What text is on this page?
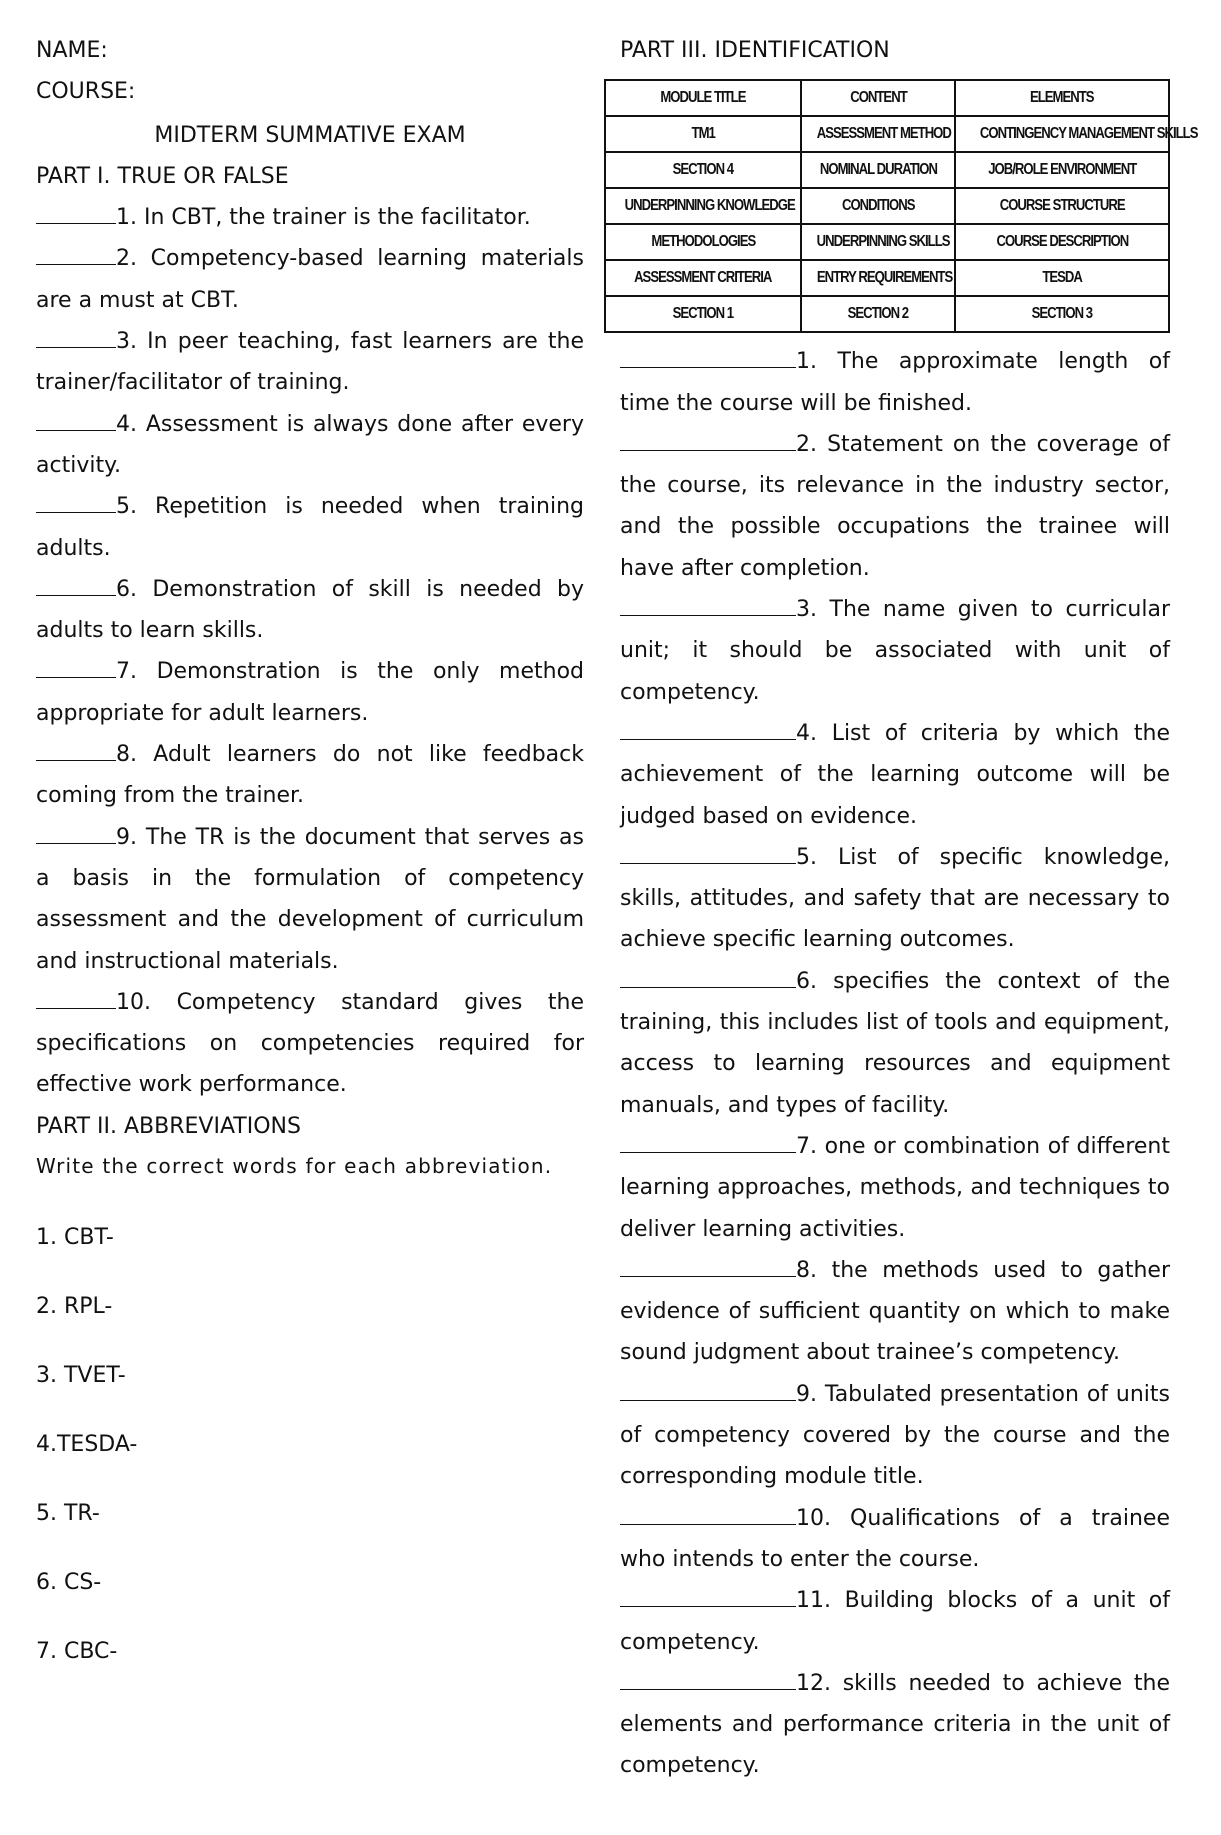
NAME:
COURSE:
MIDTERM SUMMATIVE EXAM
PART I. TRUE OR FALSE
1. In CBT, the trainer is the facilitator.
2. Competency-based learning materials are a must at CBT.
3. In peer teaching, fast learners are the trainer/facilitator of training.
4. Assessment is always done after every activity.
5. Repetition is needed when training adults.
6. Demonstration of skill is needed by adults to learn skills.
7. Demonstration is the only method appropriate for adult learners.
8. Adult learners do not like feedback coming from the trainer.
9. The TR is the document that serves as a basis in the formulation of competency assessment and the development of curriculum and instructional materials.
10. Competency standard gives the specifications on competencies required for effective work performance.
PART II. ABBREVIATIONS
Write the correct words for each abbreviation.
1. CBT-
2. RPL-
3. TVET-
4.TESDA-
5. TR-
6. CS-
7. CBC-
PART III. IDENTIFICATION
MODULE TITLE	CONTENT	ELEMENTS
TM1	ASSESSMENT METHOD	CONTINGENCY MANAGEMENT SKILLS
SECTION 4	NOMINAL DURATION	JOB/ROLE ENVIRONMENT
UNDERPINNING KNOWLEDGE	CONDITIONS	COURSE STRUCTURE
METHODOLOGIES	UNDERPINNING SKILLS	COURSE DESCRIPTION
ASSESSMENT CRITERIA	ENTRY REQUIREMENTS	TESDA
SECTION 1	SECTION 2	SECTION 3
1. The approximate length of time the course will be finished.
2. Statement on the coverage of the course, its relevance in the industry sector, and the possible occupations the trainee will have after completion.
3. The name given to curricular unit; it should be associated with unit of competency.
4. List of criteria by which the achievement of the learning outcome will be judged based on evidence.
5. List of specific knowledge, skills, attitudes, and safety that are necessary to achieve specific learning outcomes.
6. specifies the context of the training, this includes list of tools and equipment, access to learning resources and equipment manuals, and types of facility.
7. one or combination of different learning approaches, methods, and techniques to deliver learning activities.
8. the methods used to gather evidence of sufficient quantity on which to make sound judgment about trainee’s competency.
9. Tabulated presentation of units of competency covered by the course and the corresponding module title.
10. Qualifications of a trainee who intends to enter the course.
11. Building blocks of a unit of competency.
12. skills needed to achieve the elements and performance criteria in the unit of competency.
